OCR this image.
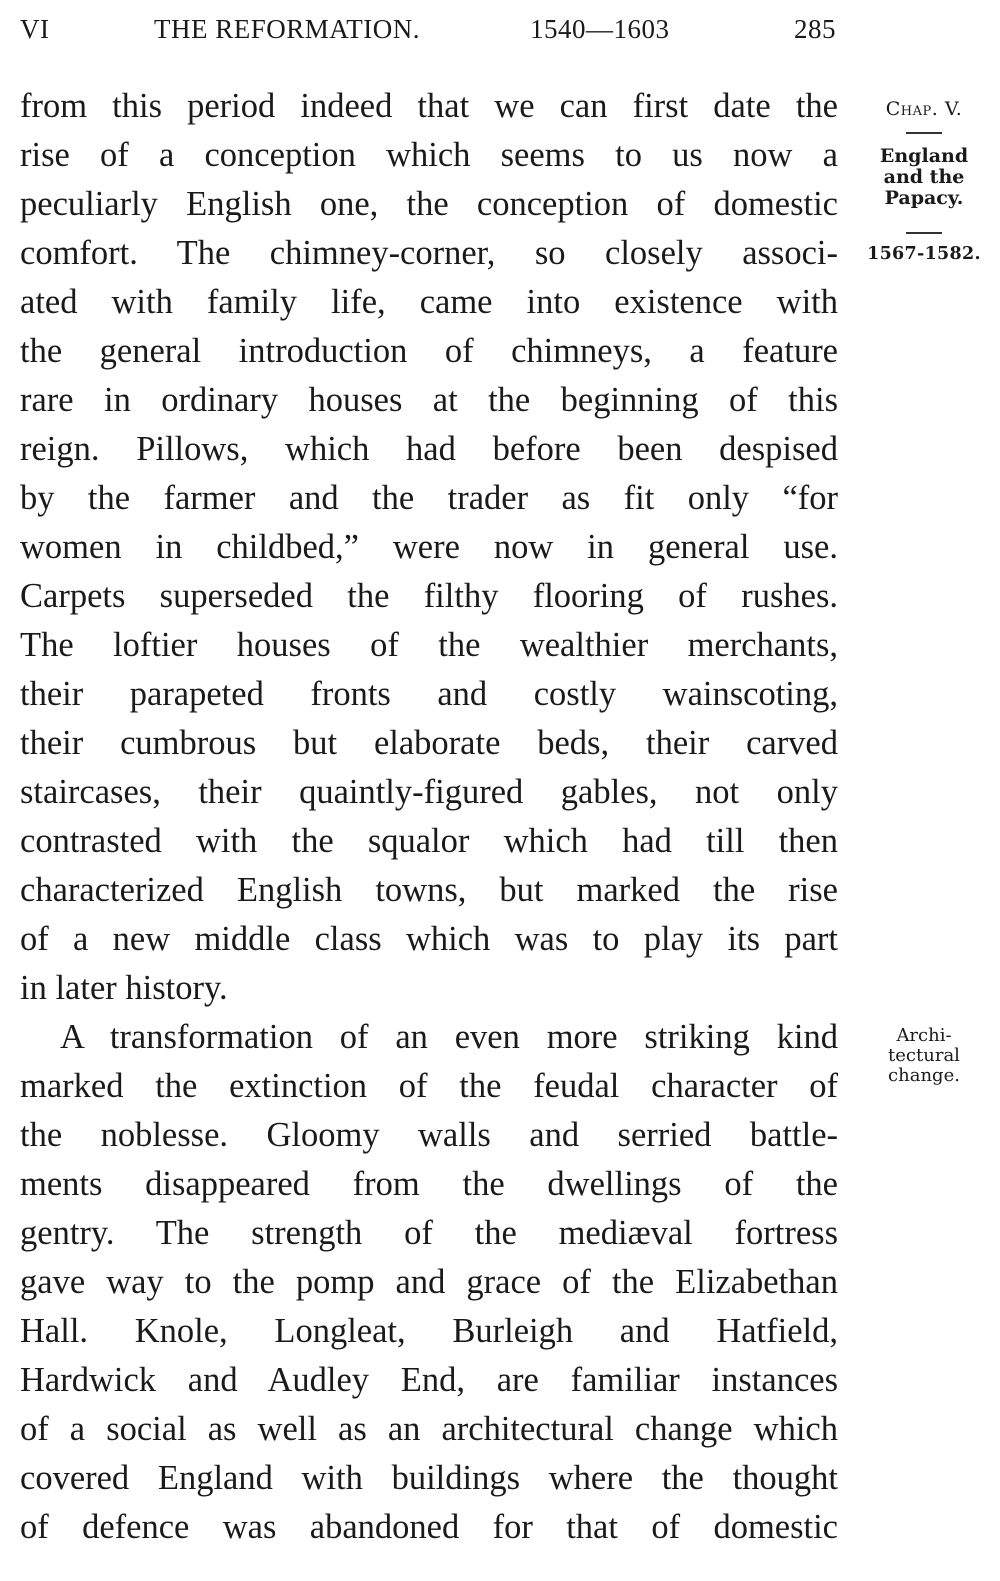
VI	THE REFORMATION.	1540—1603	285
Chap. V.
England
and the
Papacy.
1567-1582.
Archi-
tectural
change.
from this period indeed that we can first date the
rise of a conception which seems to us now a
peculiarly English one, the conception of domestic
comfort. The chimney-corner, so closely associ-
ated with family life, came into existence with
the general introduction of chimneys, a feature
rare in ordinary houses at the beginning of this
reign. Pillows, which had before been despised
by the farmer and the trader as fit only “for
women in childbed,” were now in general use.
Carpets superseded the filthy flooring of rushes.
The loftier houses of the wealthier merchants,
their parapeted fronts and costly wainscoting,
their cumbrous but elaborate beds, their carved
staircases, their quaintly-figured gables, not only
contrasted with the squalor which had till then
characterized English towns, but marked the rise
of a new middle class which was to play its part
in later history.
A transformation of an even more striking kind
marked the extinction of the feudal character of
the noblesse. Gloomy walls and serried battle-
ments disappeared from the dwellings of the
gentry. The strength of the mediæval fortress
gave way to the pomp and grace of the Elizabethan
Hall. Knole, Longleat, Burleigh and Hatfield,
Hardwick and Audley End, are familiar instances
of a social as well as an architectural change which
covered England with buildings where the thought
of defence was abandoned for that of domestic
